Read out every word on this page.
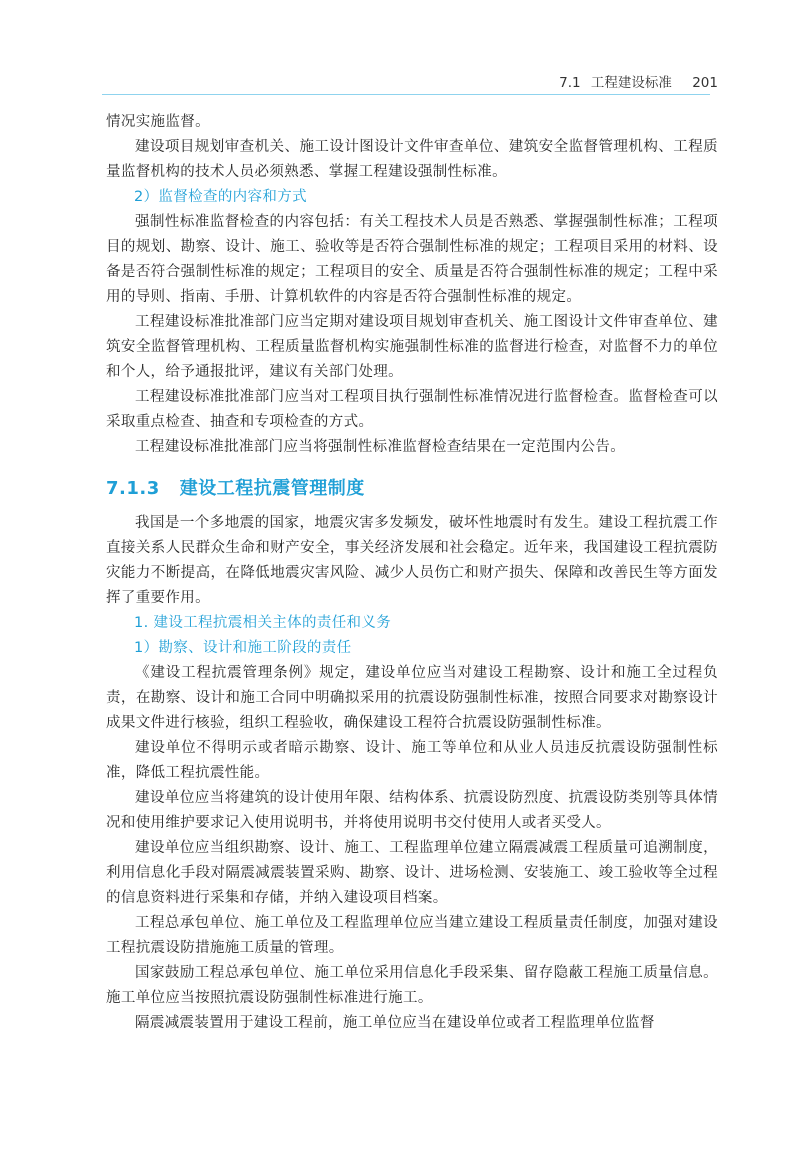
7.1 工程建设标准 201

情况实施监督。

建设项目规划审查机关、施工设计图设计文件审查单位、建筑安全监督管理机构、工程质量监督机构的技术人员必须熟悉、掌握工程建设强制性标准。

2）监督检查的内容和方式

强制性标准监督检查的内容包括：有关工程技术人员是否熟悉、掌握强制性标准；工程项目的规划、勘察、设计、施工、验收等是否符合强制性标准的规定；工程项目采用的材料、设备是否符合强制性标准的规定；工程项目的安全、质量是否符合强制性标准的规定；工程中采用的导则、指南、手册、计算机软件的内容是否符合强制性标准的规定。

工程建设标准批准部门应当定期对建设项目规划审查机关、施工图设计文件审查单位、建筑安全监督管理机构、工程质量监督机构实施强制性标准的监督进行检查，对监督不力的单位和个人，给予通报批评，建议有关部门处理。

工程建设标准批准部门应当对工程项目执行强制性标准情况进行监督检查。监督检查可以采取重点检查、抽查和专项检查的方式。

工程建设标准批准部门应当将强制性标准监督检查结果在一定范围内公告。

7.1.3 建设工程抗震管理制度

我国是一个多地震的国家，地震灾害多发频发，破坏性地震时有发生。建设工程抗震工作直接关系人民群众生命和财产安全，事关经济发展和社会稳定。近年来，我国建设工程抗震防灾能力不断提高，在降低地震灾害风险、减少人员伤亡和财产损失、保障和改善民生等方面发挥了重要作用。

1. 建设工程抗震相关主体的责任和义务

1）勘察、设计和施工阶段的责任

《建设工程抗震管理条例》规定，建设单位应当对建设工程勘察、设计和施工全过程负责，在勘察、设计和施工合同中明确拟采用的抗震设防强制性标准，按照合同要求对勘察设计成果文件进行核验，组织工程验收，确保建设工程符合抗震设防强制性标准。

建设单位不得明示或者暗示勘察、设计、施工等单位和从业人员违反抗震设防强制性标准，降低工程抗震性能。

建设单位应当将建筑的设计使用年限、结构体系、抗震设防烈度、抗震设防类别等具体情况和使用维护要求记入使用说明书，并将使用说明书交付使用人或者买受人。

建设单位应当组织勘察、设计、施工、工程监理单位建立隔震减震工程质量可追溯制度，利用信息化手段对隔震减震装置采购、勘察、设计、进场检测、安装施工、竣工验收等全过程的信息资料进行采集和存储，并纳入建设项目档案。

工程总承包单位、施工单位及工程监理单位应当建立建设工程质量责任制度，加强对建设工程抗震设防措施施工质量的管理。

国家鼓励工程总承包单位、施工单位采用信息化手段采集、留存隐蔽工程施工质量信息。施工单位应当按照抗震设防强制性标准进行施工。

隔震减震装置用于建设工程前，施工单位应当在建设单位或者工程监理单位监督
